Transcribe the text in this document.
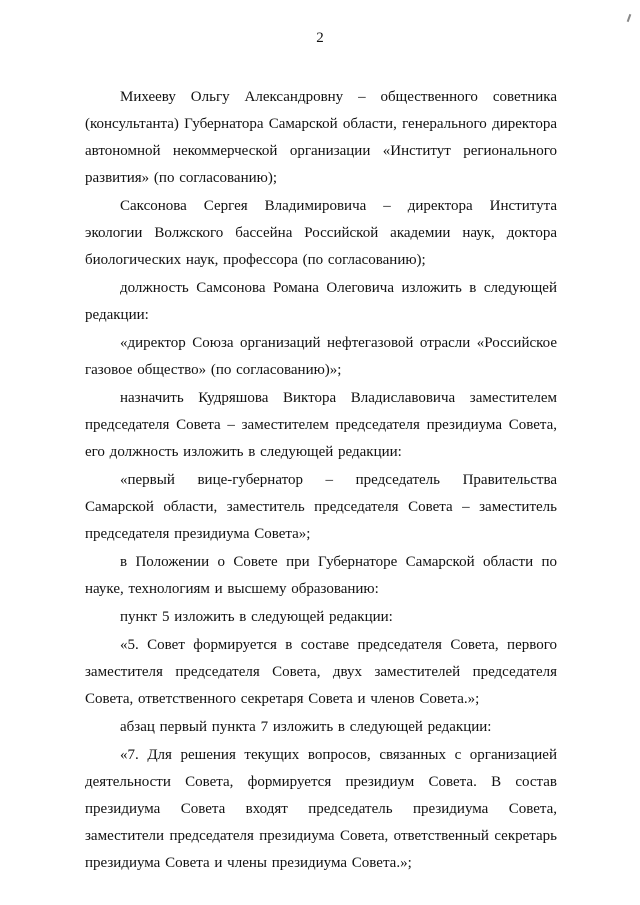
2

Михееву Ольгу Александровну – общественного советника (консультанта) Губернатора Самарской области, генерального директора автономной некоммерческой организации «Институт регионального развития» (по согласованию);

Саксонова Сергея Владимировича – директора Института экологии Волжского бассейна Российской академии наук, доктора биологических наук, профессора (по согласованию);

должность Самсонова Романа Олеговича изложить в следующей редакции:

«директор Союза организаций нефтегазовой отрасли «Российское газовое общество» (по согласованию)»;

назначить Кудряшова Виктора Владиславовича заместителем председателя Совета – заместителем председателя президиума Совета, его должность изложить в следующей редакции:

«первый вице-губернатор – председатель Правительства Самарской области, заместитель председателя Совета – заместитель председателя президиума Совета»;

в Положении о Совете при Губернаторе Самарской области по науке, технологиям и высшему образованию:

пункт 5 изложить в следующей редакции:

«5. Совет формируется в составе председателя Совета, первого заместителя председателя Совета, двух заместителей председателя Совета, ответственного секретаря Совета и членов Совета.»;

абзац первый пункта 7 изложить в следующей редакции:

«7. Для решения текущих вопросов, связанных с организацией деятельности Совета, формируется президиум Совета. В состав президиума Совета входят председатель президиума Совета, заместители председателя президиума Совета, ответственный секретарь президиума Совета и члены президиума Совета.»;
